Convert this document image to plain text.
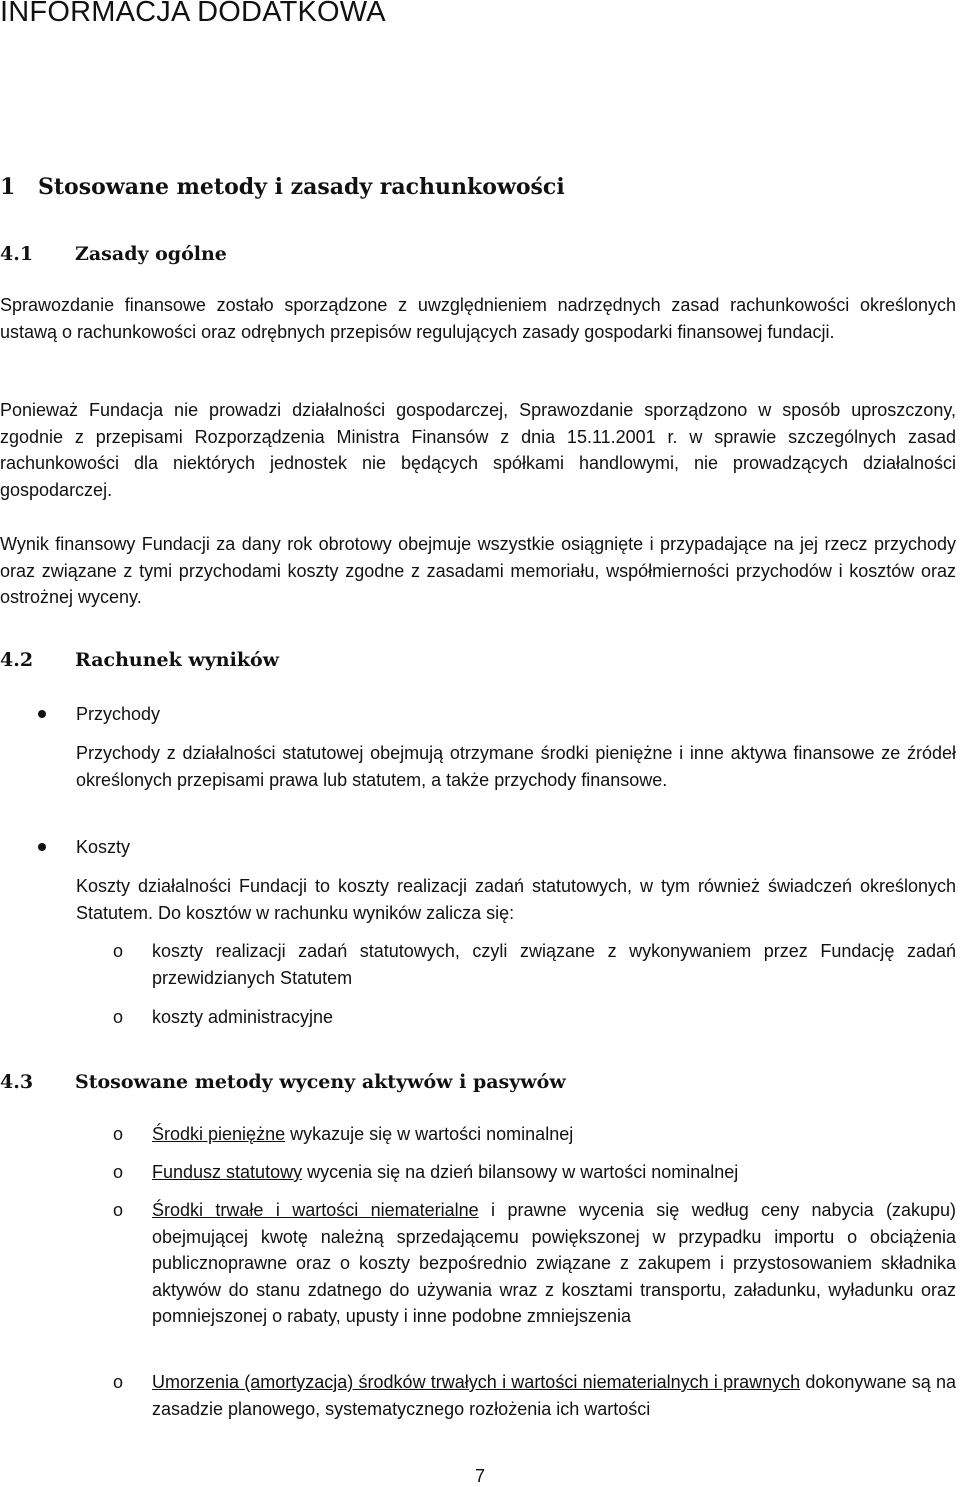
INFORMACJA DODATKOWA
1 Stosowane metody i zasady rachunkowości
4.1 Zasady ogólne

Sprawozdanie finansowe zostało sporządzone z uwzględnieniem nadrzędnych zasad rachunkowości określonych ustawą o rachunkowości oraz odrębnych przepisów regulujących zasady gospodarki finansowej fundacji.

Ponieważ Fundacja nie prowadzi działalności gospodarczej, Sprawozdanie sporządzono w sposób uproszczony, zgodnie z przepisami Rozporządzenia Ministra Finansów z dnia 15.11.2001 r. w sprawie szczególnych zasad rachunkowości dla niektórych jednostek nie będących spółkami handlowymi, nie prowadzących działalności gospodarczej.

Wynik finansowy Fundacji za dany rok obrotowy obejmuje wszystkie osiągnięte i przypadające na jej rzecz przychody oraz związane z tymi przychodami koszty zgodne z zasadami memoriału, współmierności przychodów i kosztów oraz ostrożnej wyceny.

4.2 Rachunek wyników
Przychody

Przychody z działalności statutowej obejmują otrzymane środki pieniężne i inne aktywa finansowe ze źródeł określonych przepisami prawa lub statutem, a także przychody finansowe.

Koszty

Koszty działalności Fundacji to koszty realizacji zadań statutowych, w tym również świadczeń określonych Statutem. Do kosztów w rachunku wyników zalicza się:

o koszty realizacji zadań statutowych, czyli związane z wykonywaniem przez Fundację zadań przewidzianych Statutem
o koszty administracyjne
4.3 Stosowane metody wyceny aktywów i pasywów
o Środki pieniężne wykazuje się w wartości nominalnej
o Fundusz statutowy wycenia się na dzień bilansowy w wartości nominalnej
o Środki trwałe i wartości niematerialne i prawne wycenia się według ceny nabycia (zakupu) obejmującej kwotę należną sprzedającemu powiększonej w przypadku importu o obciążenia publicznoprawne oraz o koszty bezpośrednio związane z zakupem i przystosowaniem składnika aktywów do stanu zdatnego do używania wraz z kosztami transportu, załadunku, wyładunku oraz pomniejszonej o rabaty, upusty i inne podobne zmniejszenia
o Umorzenia (amortyzacja) środków trwałych i wartości niematerialnych i prawnych dokonywane są na zasadzie planowego, systematycznego rozłożenia ich wartości
7
